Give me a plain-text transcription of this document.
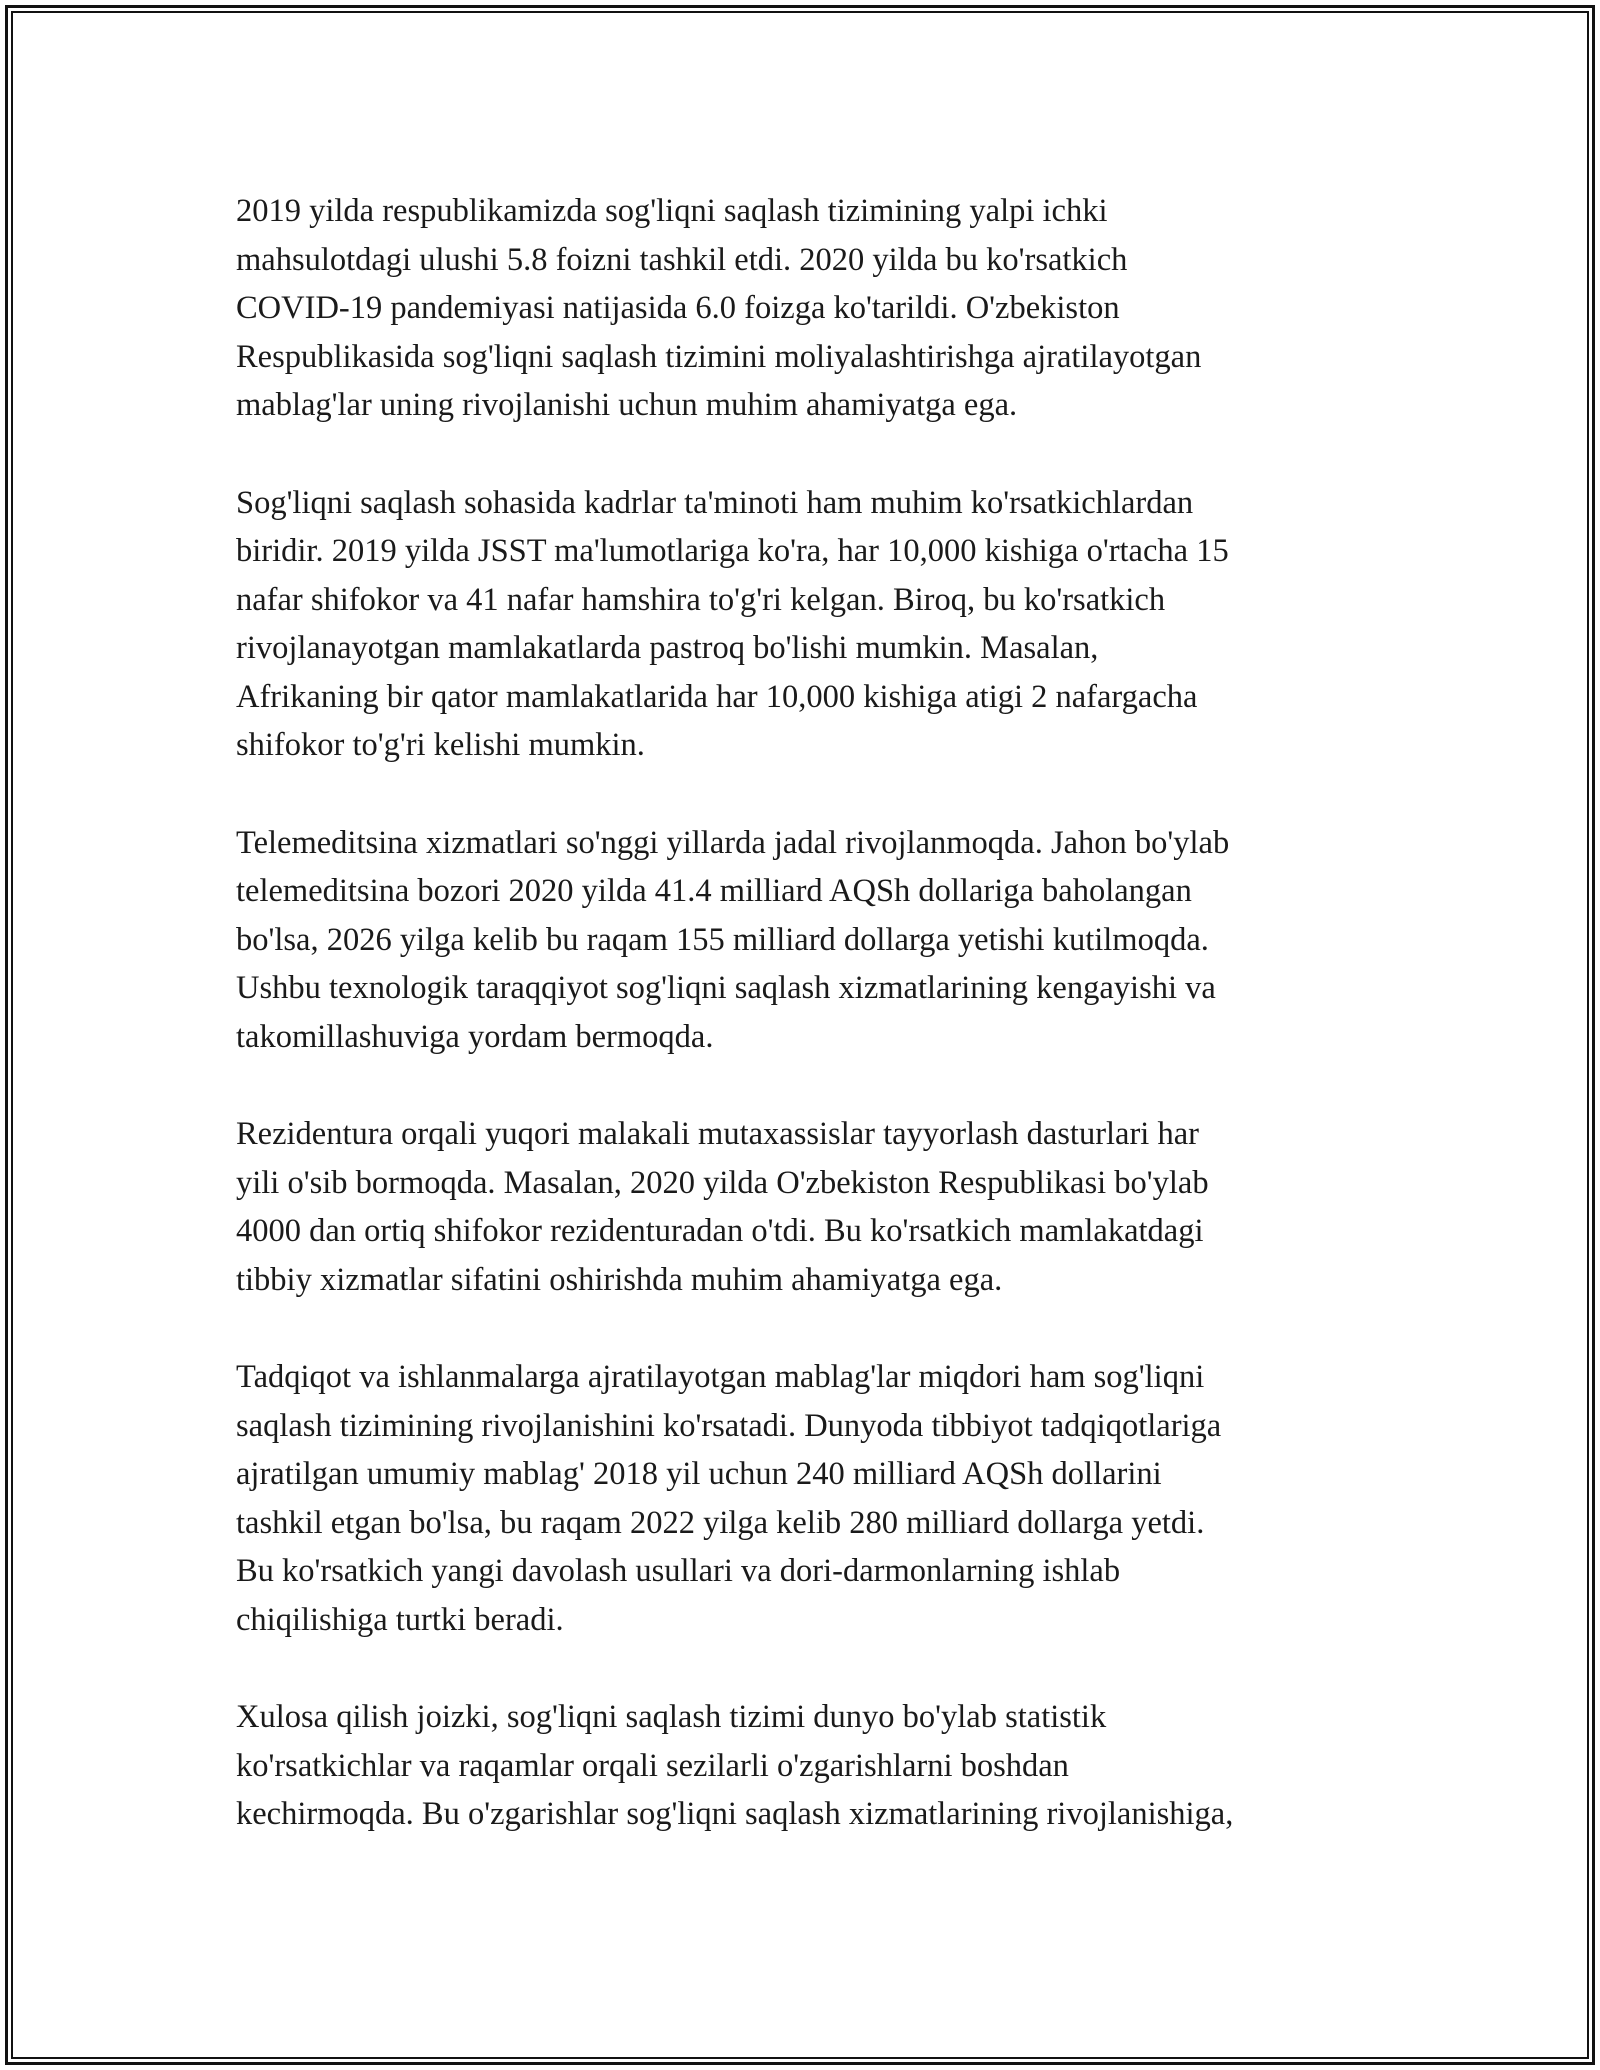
2019 yilda respublikamizda sog'liqni saqlash tizimining yalpi ichki
mahsulotdagi ulushi 5.8 foizni tashkil etdi. 2020 yilda bu ko'rsatkich
COVID-19 pandemiyasi natijasida 6.0 foizga ko'tarildi. O'zbekiston
Respublikasida sog'liqni saqlash tizimini moliyalashtirishga ajratilayotgan
mablag'lar uning rivojlanishi uchun muhim ahamiyatga ega.

Sog'liqni saqlash sohasida kadrlar ta'minoti ham muhim ko'rsatkichlardan
biridir. 2019 yilda JSST ma'lumotlariga ko'ra, har 10,000 kishiga o'rtacha 15
nafar shifokor va 41 nafar hamshira to'g'ri kelgan. Biroq, bu ko'rsatkich
rivojlanayotgan mamlakatlarda pastroq bo'lishi mumkin. Masalan,
Afrikaning bir qator mamlakatlarida har 10,000 kishiga atigi 2 nafargacha
shifokor to'g'ri kelishi mumkin.

Telemeditsina xizmatlari so'nggi yillarda jadal rivojlanmoqda. Jahon bo'ylab
telemeditsina bozori 2020 yilda 41.4 milliard AQSh dollariga baholangan
bo'lsa, 2026 yilga kelib bu raqam 155 milliard dollarga yetishi kutilmoqda.
Ushbu texnologik taraqqiyot sog'liqni saqlash xizmatlarining kengayishi va
takomillashuviga yordam bermoqda.

Rezidentura orqali yuqori malakali mutaxassislar tayyorlash dasturlari har
yili o'sib bormoqda. Masalan, 2020 yilda O'zbekiston Respublikasi bo'ylab
4000 dan ortiq shifokor rezidenturadan o'tdi. Bu ko'rsatkich mamlakatdagi
tibbiy xizmatlar sifatini oshirishda muhim ahamiyatga ega.

Tadqiqot va ishlanmalarga ajratilayotgan mablag'lar miqdori ham sog'liqni
saqlash tizimining rivojlanishini ko'rsatadi. Dunyoda tibbiyot tadqiqotlariga
ajratilgan umumiy mablag' 2018 yil uchun 240 milliard AQSh dollarini
tashkil etgan bo'lsa, bu raqam 2022 yilga kelib 280 milliard dollarga yetdi.
Bu ko'rsatkich yangi davolash usullari va dori-darmonlarning ishlab
chiqilishiga turtki beradi.

Xulosa qilish joizki, sog'liqni saqlash tizimi dunyo bo'ylab statistik
ko'rsatkichlar va raqamlar orqali sezilarli o'zgarishlarni boshdan
kechirmoqda. Bu o'zgarishlar sog'liqni saqlash xizmatlarining rivojlanishiga,
